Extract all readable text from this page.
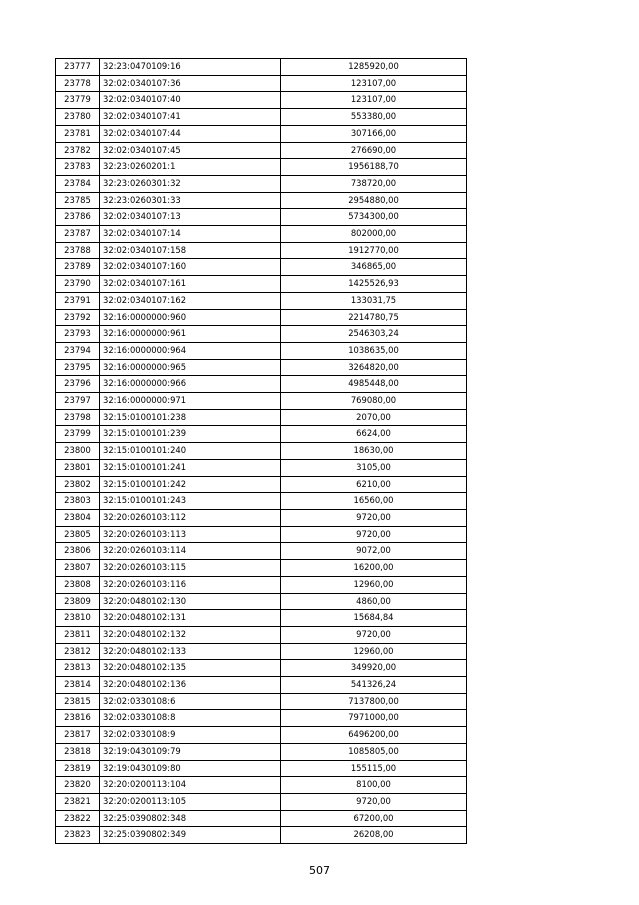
23777	32:23:0470109:16	1285920,00
23778	32:02:0340107:36	123107,00
23779	32:02:0340107:40	123107,00
23780	32:02:0340107:41	553380,00
23781	32:02:0340107:44	307166,00
23782	32:02:0340107:45	276690,00
23783	32:23:0260201:1	1956188,70
23784	32:23:0260301:32	738720,00
23785	32:23:0260301:33	2954880,00
23786	32:02:0340107:13	5734300,00
23787	32:02:0340107:14	802000,00
23788	32:02:0340107:158	1912770,00
23789	32:02:0340107:160	346865,00
23790	32:02:0340107:161	1425526,93
23791	32:02:0340107:162	133031,75
23792	32:16:0000000:960	2214780,75
23793	32:16:0000000:961	2546303,24
23794	32:16:0000000:964	1038635,00
23795	32:16:0000000:965	3264820,00
23796	32:16:0000000:966	4985448,00
23797	32:16:0000000:971	769080,00
23798	32:15:0100101:238	2070,00
23799	32:15:0100101:239	6624,00
23800	32:15:0100101:240	18630,00
23801	32:15:0100101:241	3105,00
23802	32:15:0100101:242	6210,00
23803	32:15:0100101:243	16560,00
23804	32:20:0260103:112	9720,00
23805	32:20:0260103:113	9720,00
23806	32:20:0260103:114	9072,00
23807	32:20:0260103:115	16200,00
23808	32:20:0260103:116	12960,00
23809	32:20:0480102:130	4860,00
23810	32:20:0480102:131	15684,84
23811	32:20:0480102:132	9720,00
23812	32:20:0480102:133	12960,00
23813	32:20:0480102:135	349920,00
23814	32:20:0480102:136	541326,24
23815	32:02:0330108:6	7137800,00
23816	32:02:0330108:8	7971000,00
23817	32:02:0330108:9	6496200,00
23818	32:19:0430109:79	1085805,00
23819	32:19:0430109:80	155115,00
23820	32:20:0200113:104	8100,00
23821	32:20:0200113:105	9720,00
23822	32:25:0390802:348	67200,00
23823	32:25:0390802:349	26208,00
507
